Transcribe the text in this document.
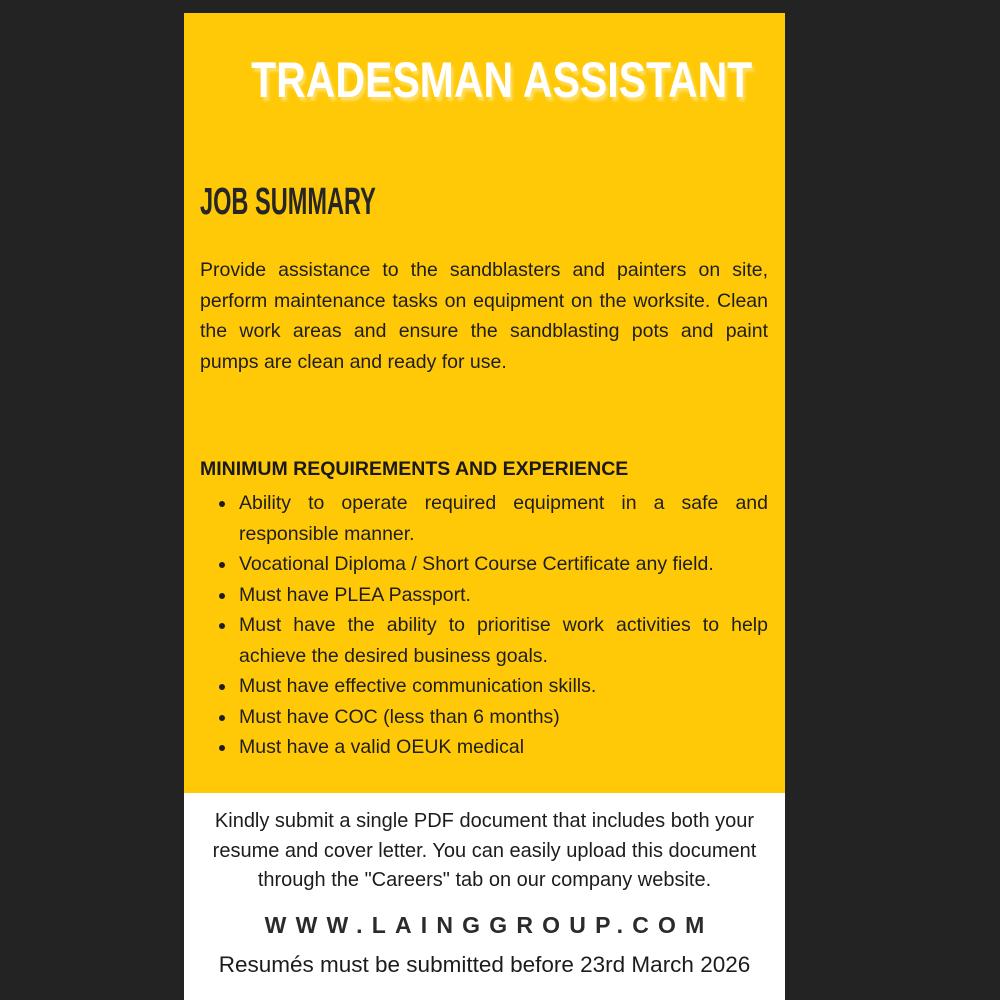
TRADESMAN ASSISTANT
JOB SUMMARY

Provide assistance to the sandblasters and painters on site, perform maintenance tasks on equipment on the worksite. Clean the work areas and ensure the sandblasting pots and paint pumps are clean and ready for use.

MINIMUM REQUIREMENTS AND EXPERIENCE
• Ability to operate required equipment in a safe and responsible manner.
• Vocational Diploma / Short Course Certificate any field.
• Must have PLEA Passport.
• Must have the ability to prioritise work activities to help achieve the desired business goals.
• Must have effective communication skills.
• Must have COC (less than 6 months)
• Must have a valid OEUK medical

Kindly submit a single PDF document that includes both your resume and cover letter. You can easily upload this document through the "Careers" tab on our company website.

WWW.LAINGGROUP.COM

Resumés must be submitted before 23rd March 2026
